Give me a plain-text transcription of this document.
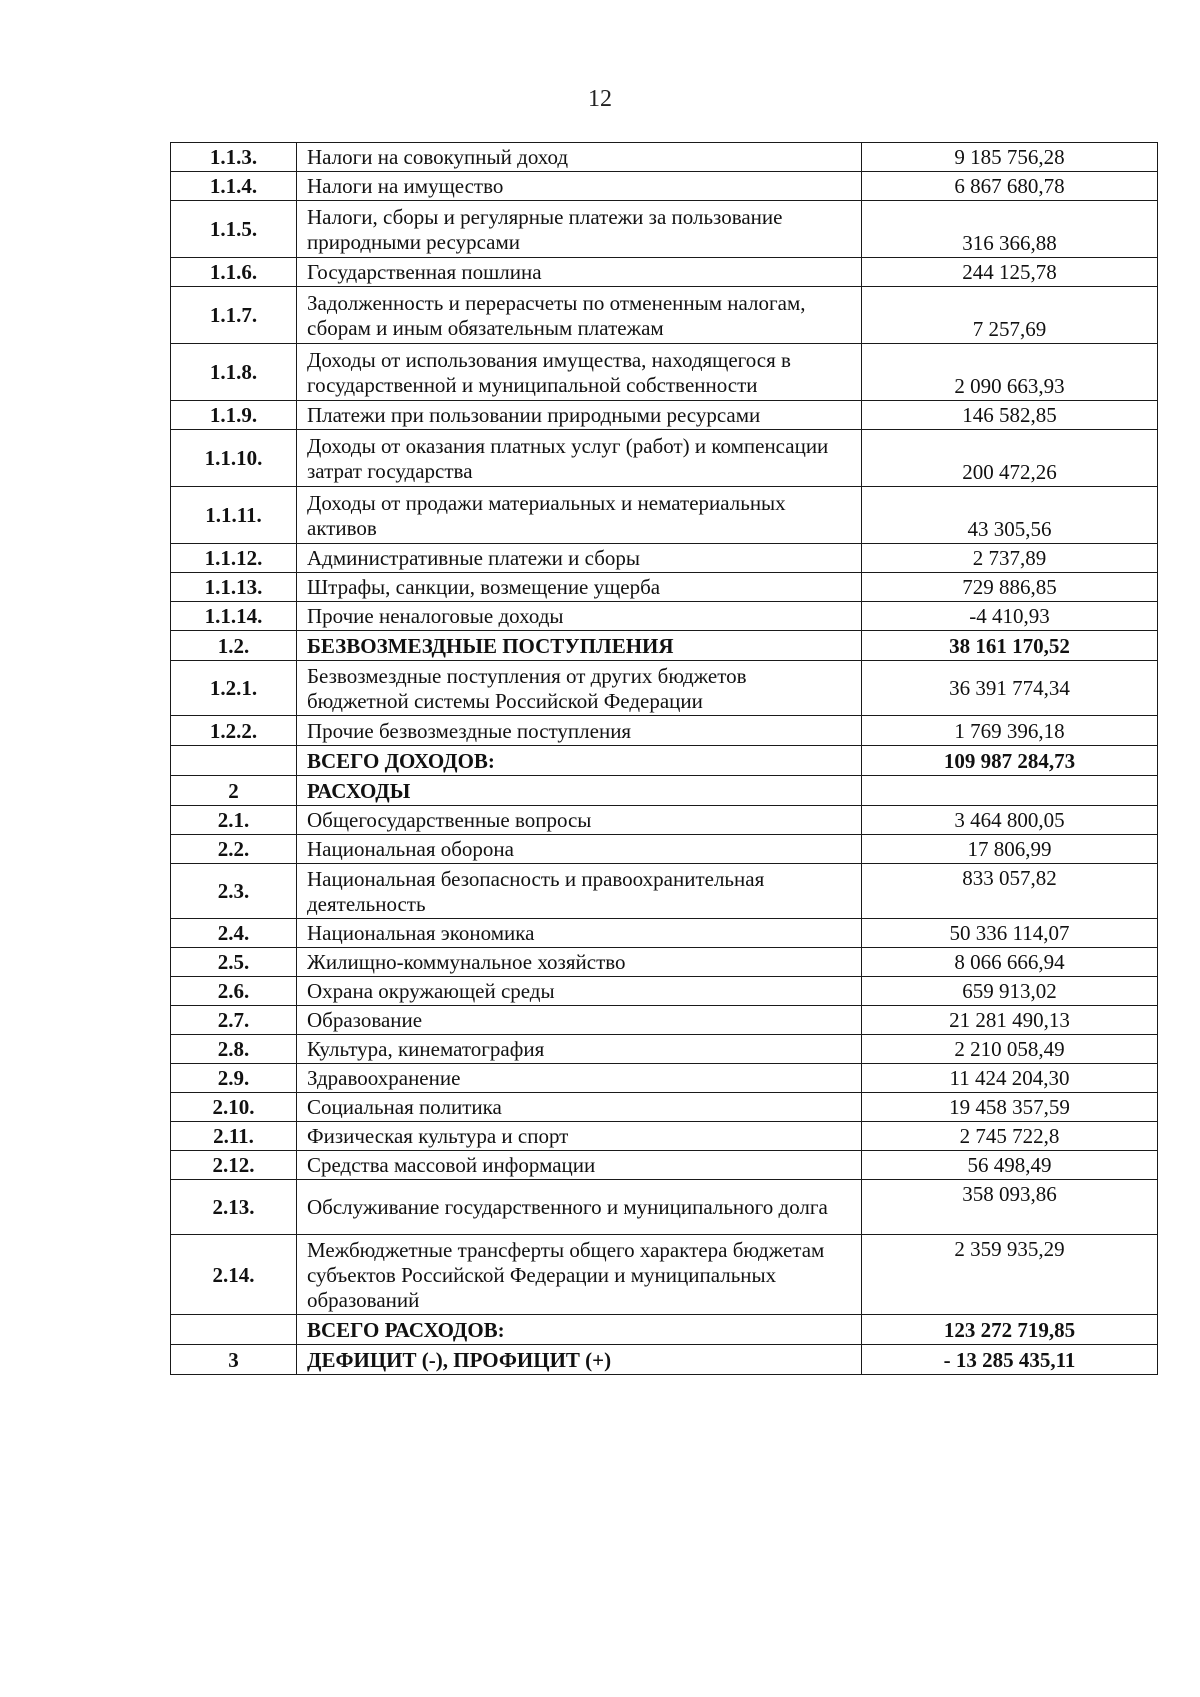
12
1.1.3.	Налоги на совокупный доход	9 185 756,28
1.1.4.	Налоги на имущество	6 867 680,78
1.1.5.	Налоги, сборы и регулярные платежи за пользование природными ресурсами	316 366,88
1.1.6.	Государственная пошлина	244 125,78
1.1.7.	Задолженность и перерасчеты по отмененным налогам, сборам и иным обязательным платежам	7 257,69
1.1.8.	Доходы от использования имущества, находящегося в государственной и муниципальной собственности	2 090 663,93
1.1.9.	Платежи при пользовании природными ресурсами	146 582,85
1.1.10.	Доходы от оказания платных услуг (работ) и компенсации затрат государства	200 472,26
1.1.11.	Доходы от продажи материальных и нематериальных активов	43 305,56
1.1.12.	Административные платежи и сборы	2 737,89
1.1.13.	Штрафы, санкции, возмещение ущерба	729 886,85
1.1.14.	Прочие неналоговые доходы	-4 410,93
1.2.	БЕЗВОЗМЕЗДНЫЕ ПОСТУПЛЕНИЯ	38 161 170,52
1.2.1.	Безвозмездные поступления от других бюджетов бюджетной системы Российской Федерации	36 391 774,34
1.2.2.	Прочие безвозмездные поступления	1 769 396,18
	ВСЕГО ДОХОДОВ:	109 987 284,73
2	РАСХОДЫ	
2.1.	Общегосударственные вопросы	3 464 800,05
2.2.	Национальная оборона	17 806,99
2.3.	Национальная безопасность и правоохранительная деятельность	833 057,82
2.4.	Национальная экономика	50 336 114,07
2.5.	Жилищно-коммунальное хозяйство	8 066 666,94
2.6.	Охрана окружающей среды	659 913,02
2.7.	Образование	21 281 490,13
2.8.	Культура, кинематография	2 210 058,49
2.9.	Здравоохранение	11 424 204,30
2.10.	Социальная политика	19 458 357,59
2.11.	Физическая культура и спорт	2 745 722,8
2.12.	Средства массовой информации	56 498,49
2.13.	Обслуживание государственного и муниципального долга	358 093,86
2.14.	Межбюджетные трансферты общего характера бюджетам субъектов Российской Федерации и муниципальных образований	2 359 935,29
	ВСЕГО РАСХОДОВ:	123 272 719,85
3	ДЕФИЦИТ (-), ПРОФИЦИТ (+)	- 13 285 435,11
